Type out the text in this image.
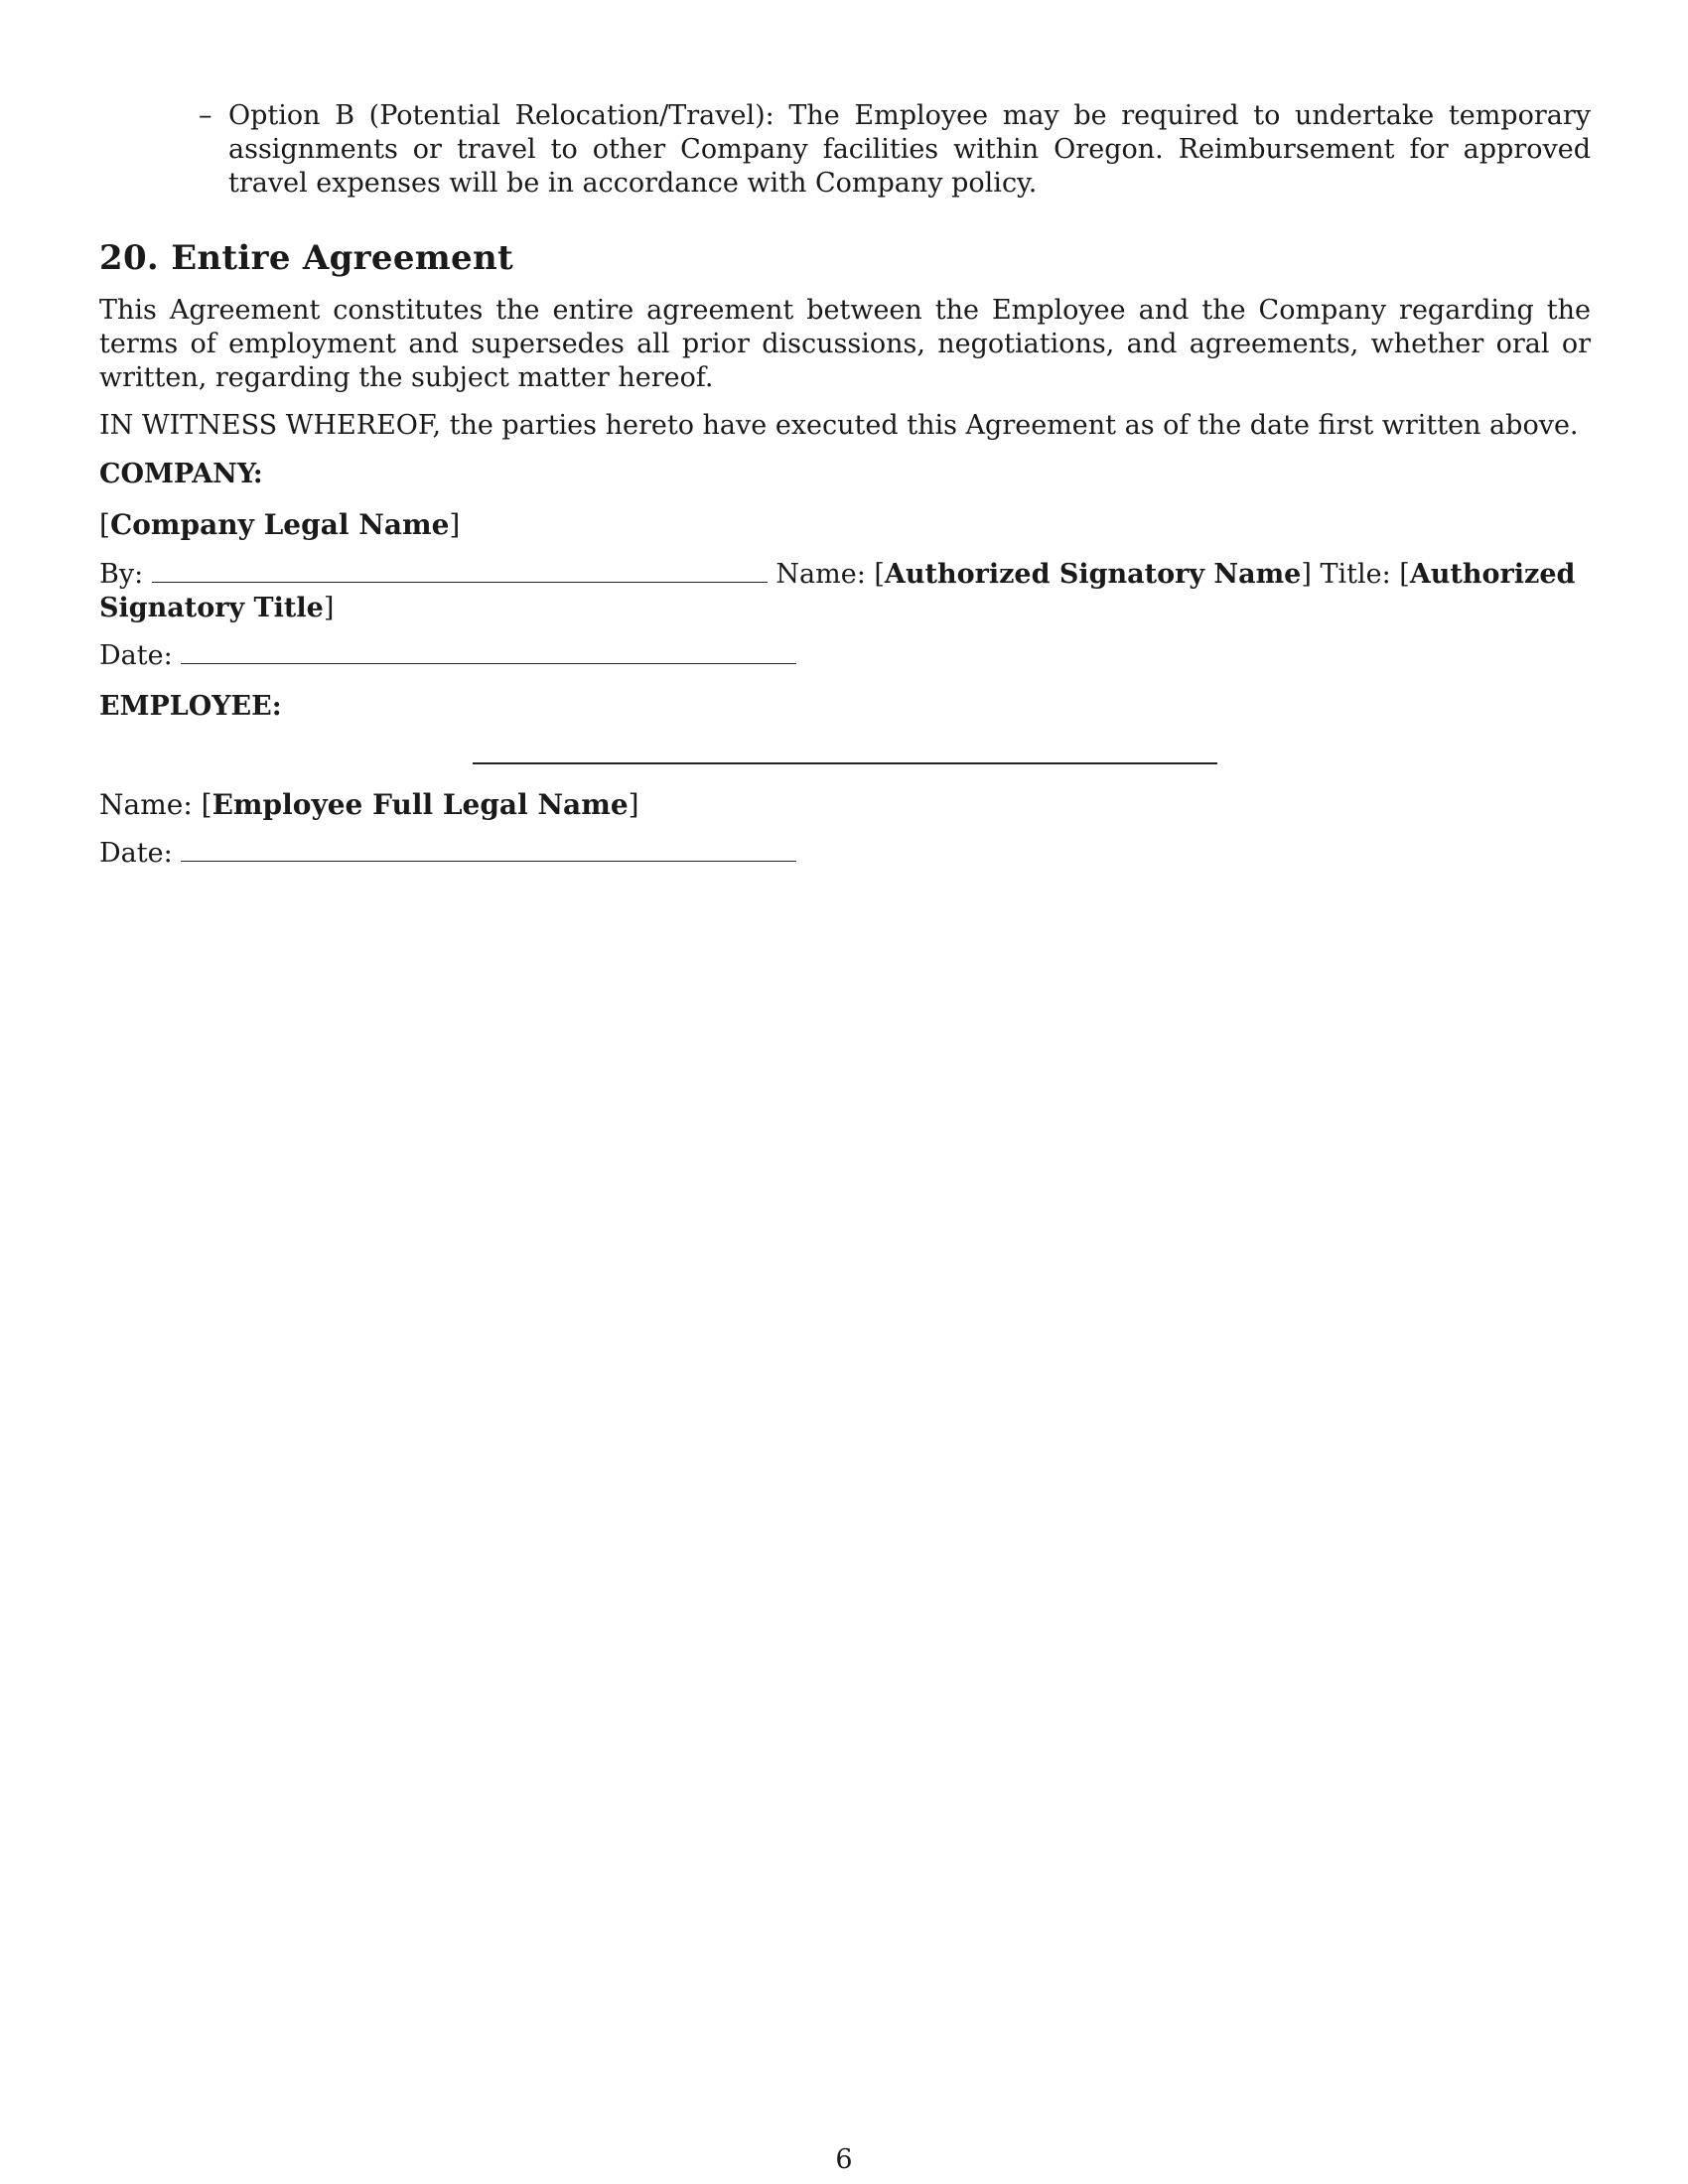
– Option B (Potential Relocation/Travel): The Employee may be required to undertake temporary assignments or travel to other Company facilities within Oregon. Reimbursement for approved travel expenses will be in accordance with Company policy.
20. Entire Agreement
This Agreement constitutes the entire agreement between the Employee and the Company regarding the terms of employment and supersedes all prior discussions, negotiations, and agreements, whether oral or written, regarding the subject matter hereof.
IN WITNESS WHEREOF, the parties hereto have executed this Agreement as of the date first written above.
COMPANY:
[Company Legal Name]
By:	Name: [Authorized Signatory Name] Title: [Authorized Signatory Title]
Date:
EMPLOYEE:
Name: [Employee Full Legal Name]
Date:
6
